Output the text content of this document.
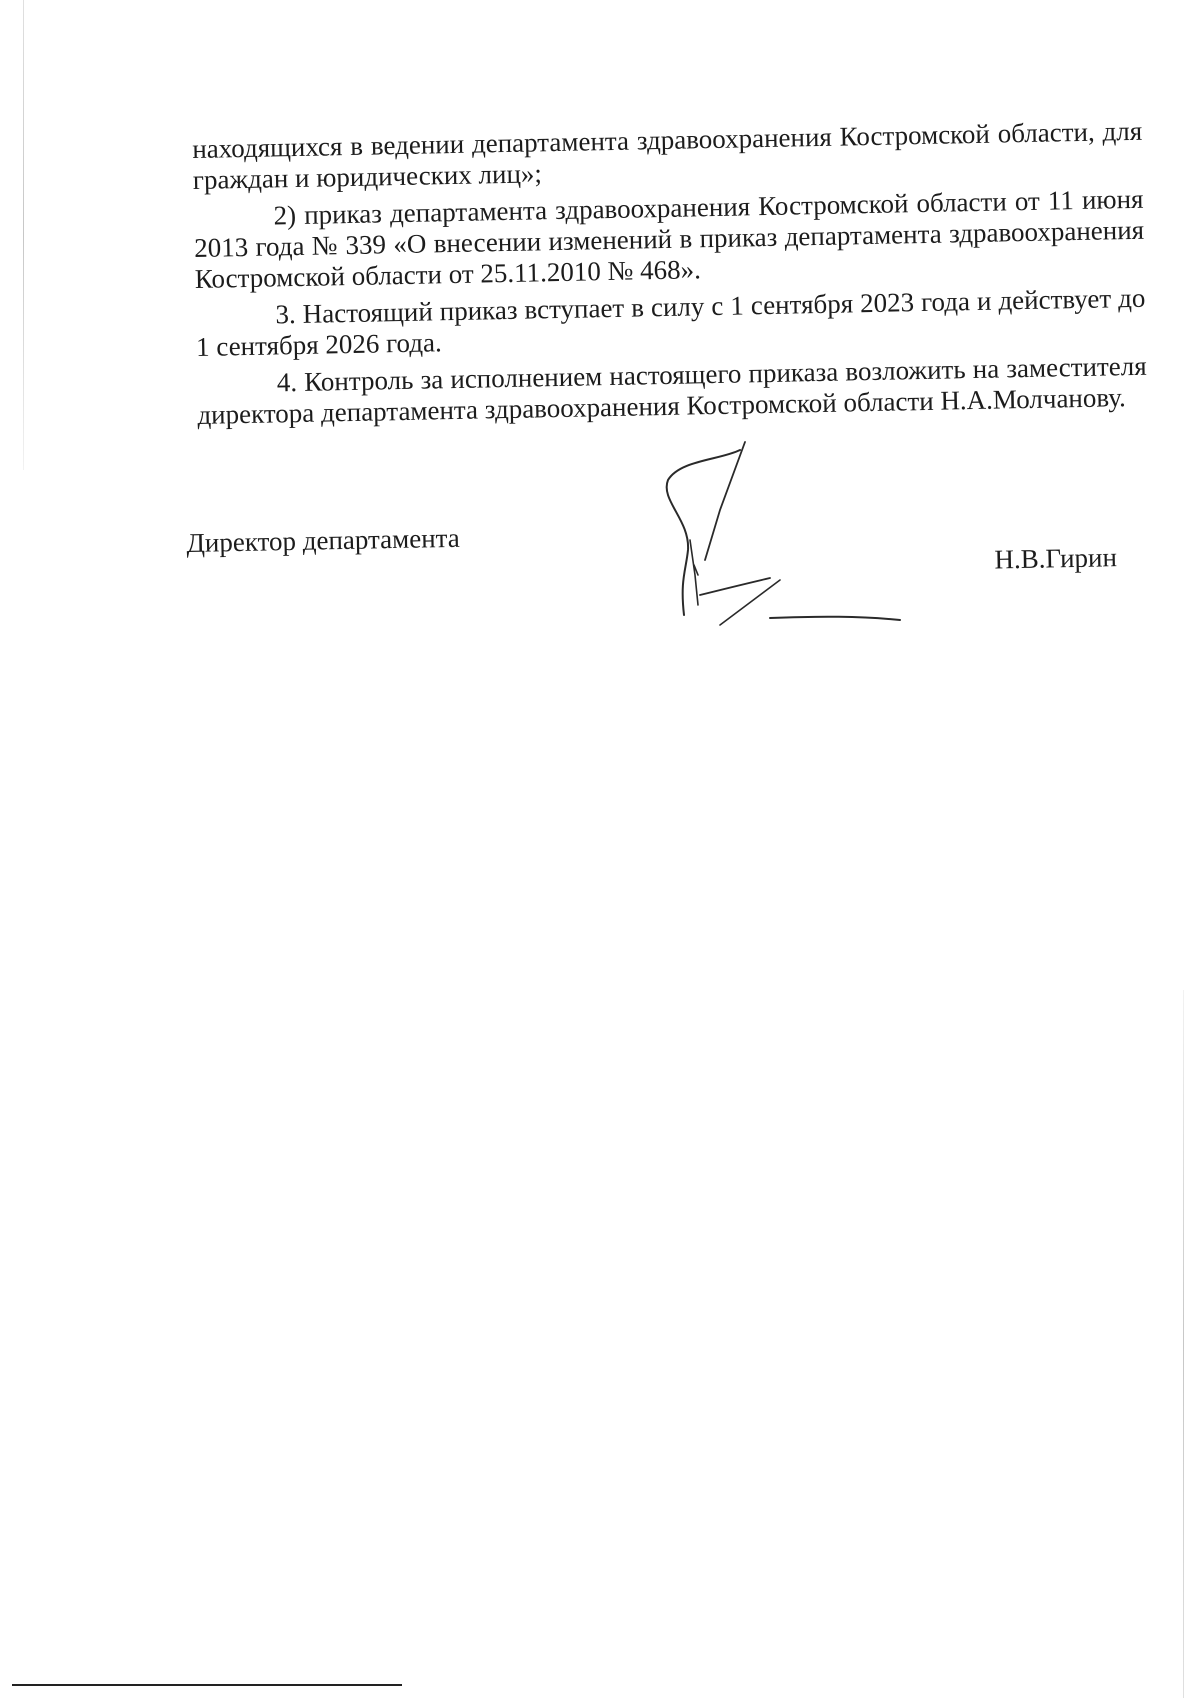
находящихся в ведении департамента здравоохранения Костромской области, для граждан и юридических лиц»;

2) приказ департамента здравоохранения Костромской области от 11 июня 2013 года № 339 «О внесении изменений в приказ департамента здравоохранения Костромской области от 25.11.2010 № 468».

3. Настоящий приказ вступает в силу с 1 сентября 2023 года и действует до 1 сентября 2026 года.

4. Контроль за исполнением настоящего приказа возложить на заместителя директора департамента здравоохранения Костромской области Н.А.Молчанову.

Директор департамента
Н.В.Гирин
